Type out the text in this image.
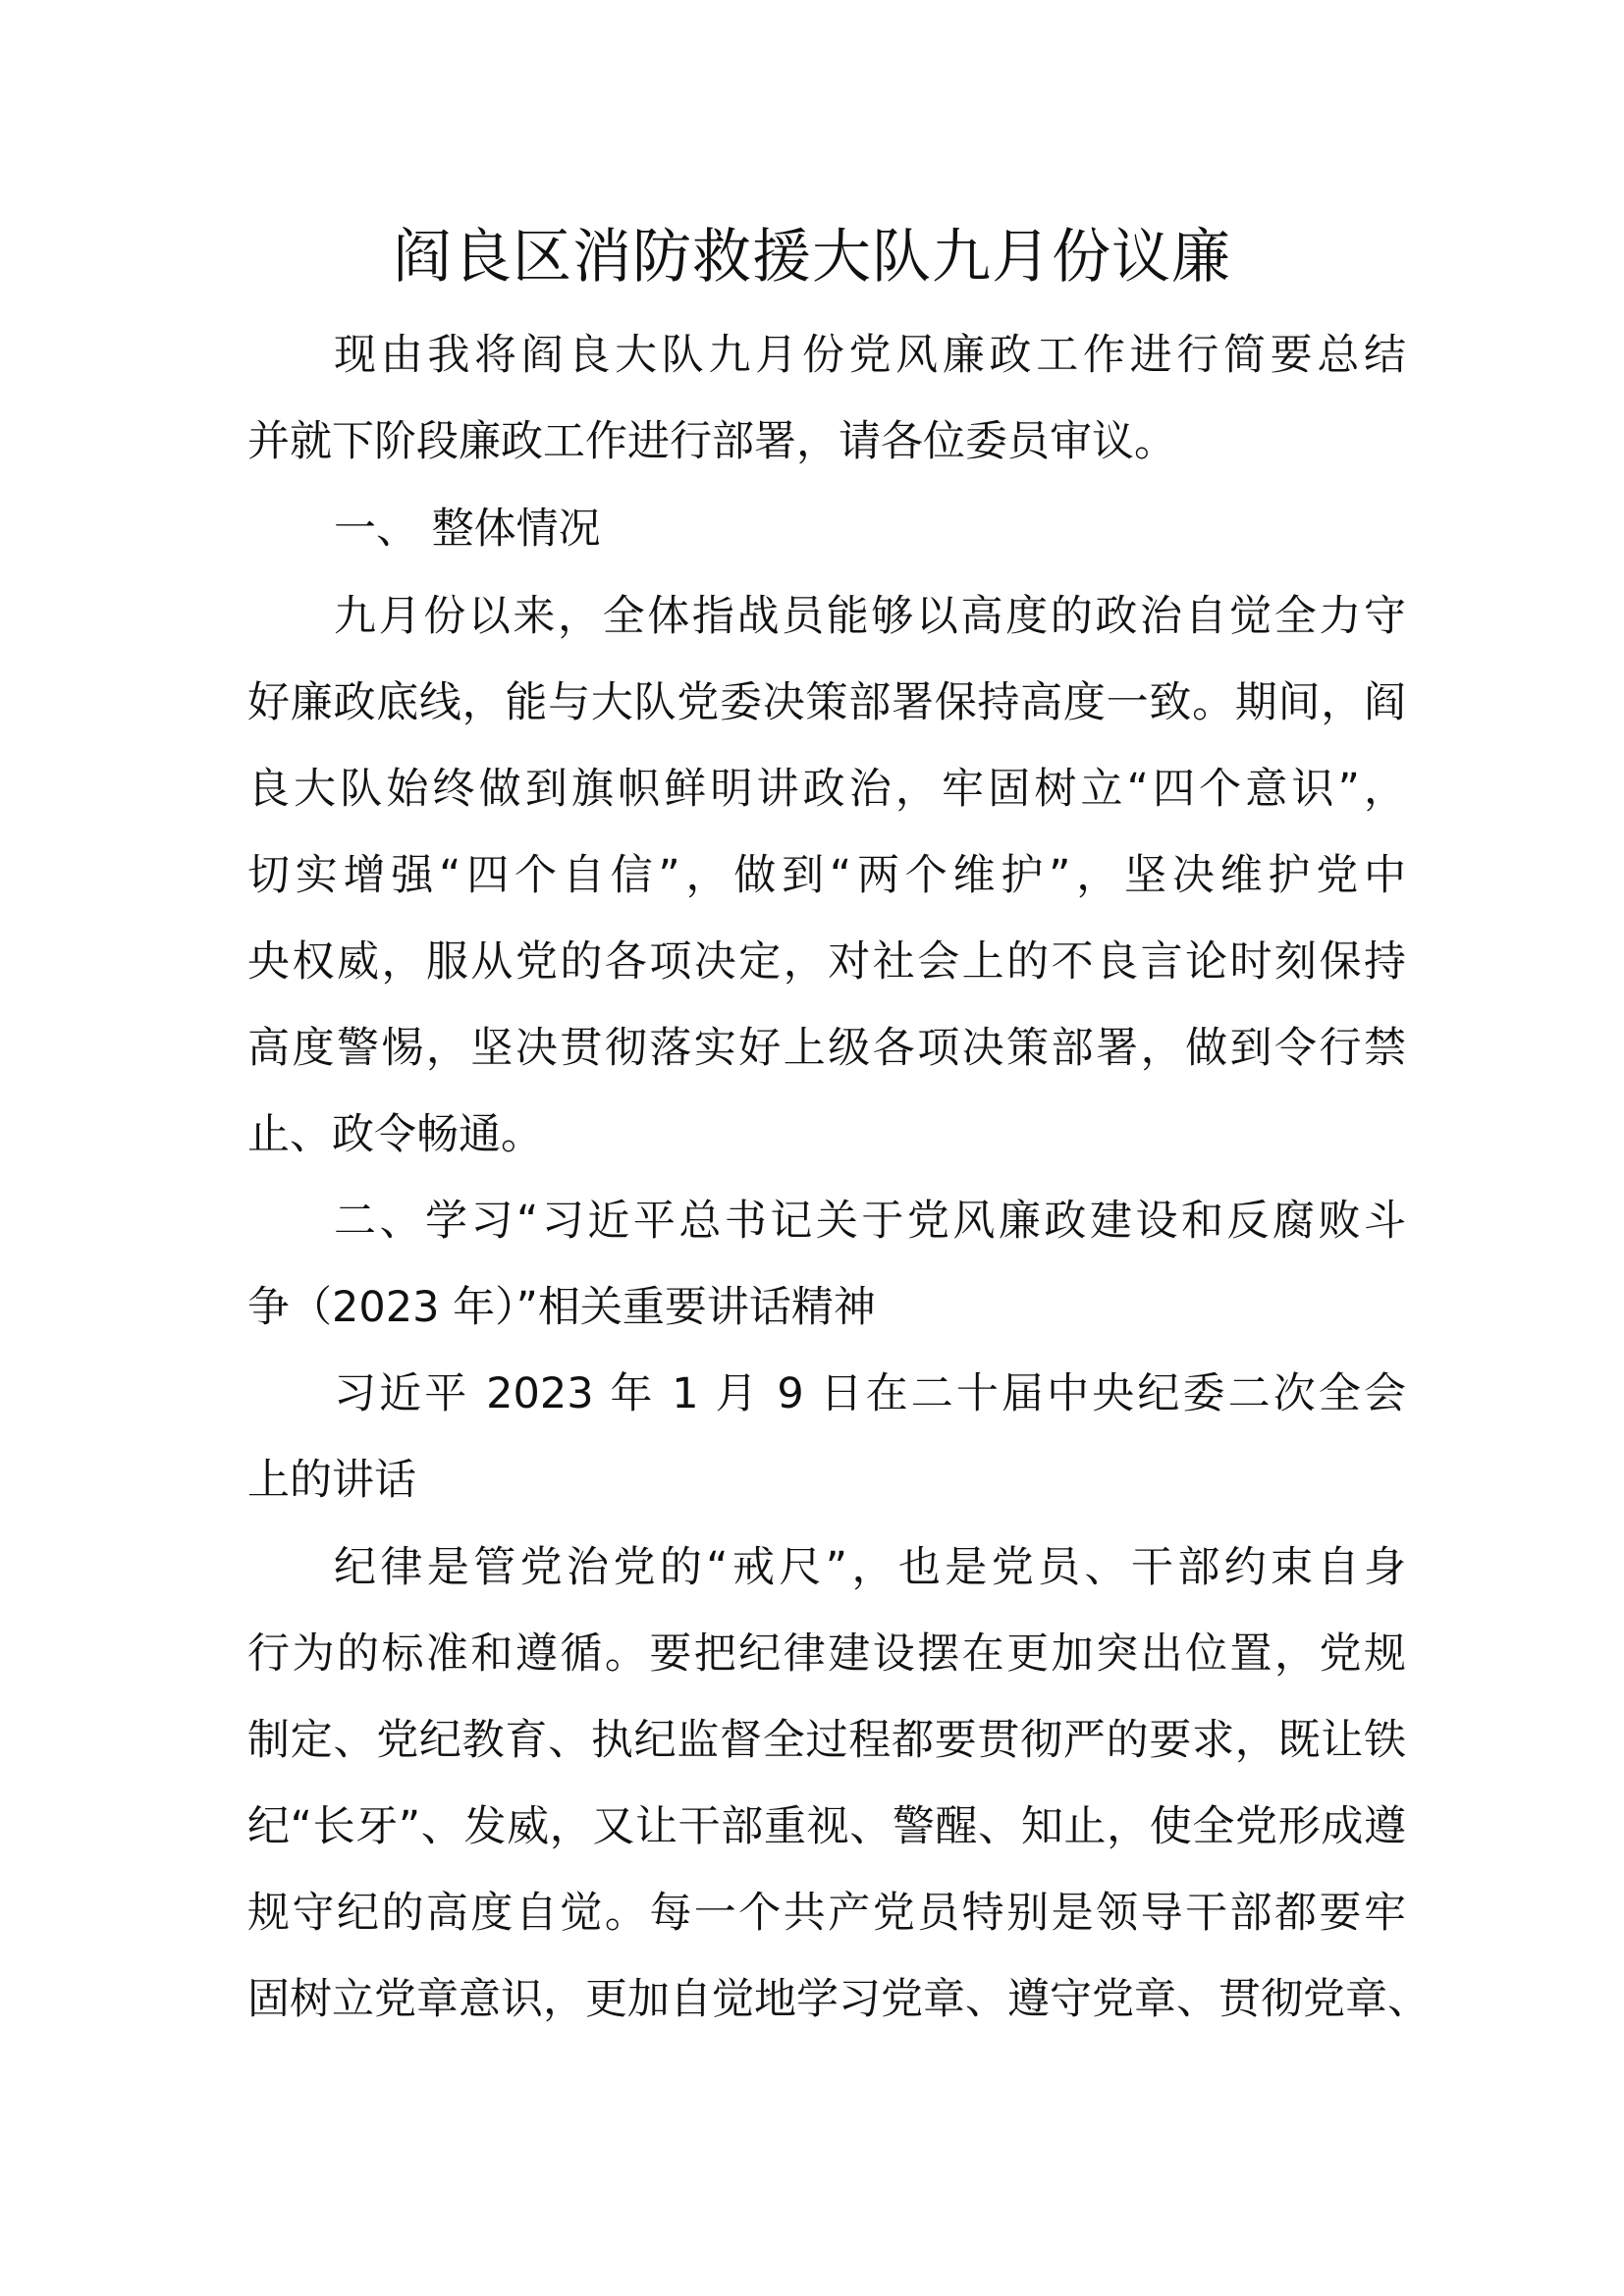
阎良区消防救援大队九月份议廉
现由我将阎良大队九月份党风廉政工作进行简要总结
并就下阶段廉政工作进行部署，请各位委员审议。
一、 整体情况
九月份以来，全体指战员能够以高度的政治自觉全力守
好廉政底线，能与大队党委决策部署保持高度一致。期间，阎
良大队始终做到旗帜鲜明讲政治，牢固树立“四个意识”，
切实增强“四个自信”，做到“两个维护”，坚决维护党中
央权威，服从党的各项决定，对社会上的不良言论时刻保持
高度警惕，坚决贯彻落实好上级各项决策部署，做到令行禁
止、政令畅通。
二、学习“习近平总书记关于党风廉政建设和反腐败斗
争（2023 年）”相关重要讲话精神
习近平 2023 年 1 月 9 日在二十届中央纪委二次全会
上的讲话
纪律是管党治党的“戒尺”，也是党员、干部约束自身
行为的标准和遵循。要把纪律建设摆在更加突出位置，党规
制定、党纪教育、执纪监督全过程都要贯彻严的要求，既让铁
纪“长牙”、发威，又让干部重视、警醒、知止，使全党形成遵
规守纪的高度自觉。每一个共产党员特别是领导干部都要牢
固树立党章意识，更加自觉地学习党章、遵守党章、贯彻党章、
